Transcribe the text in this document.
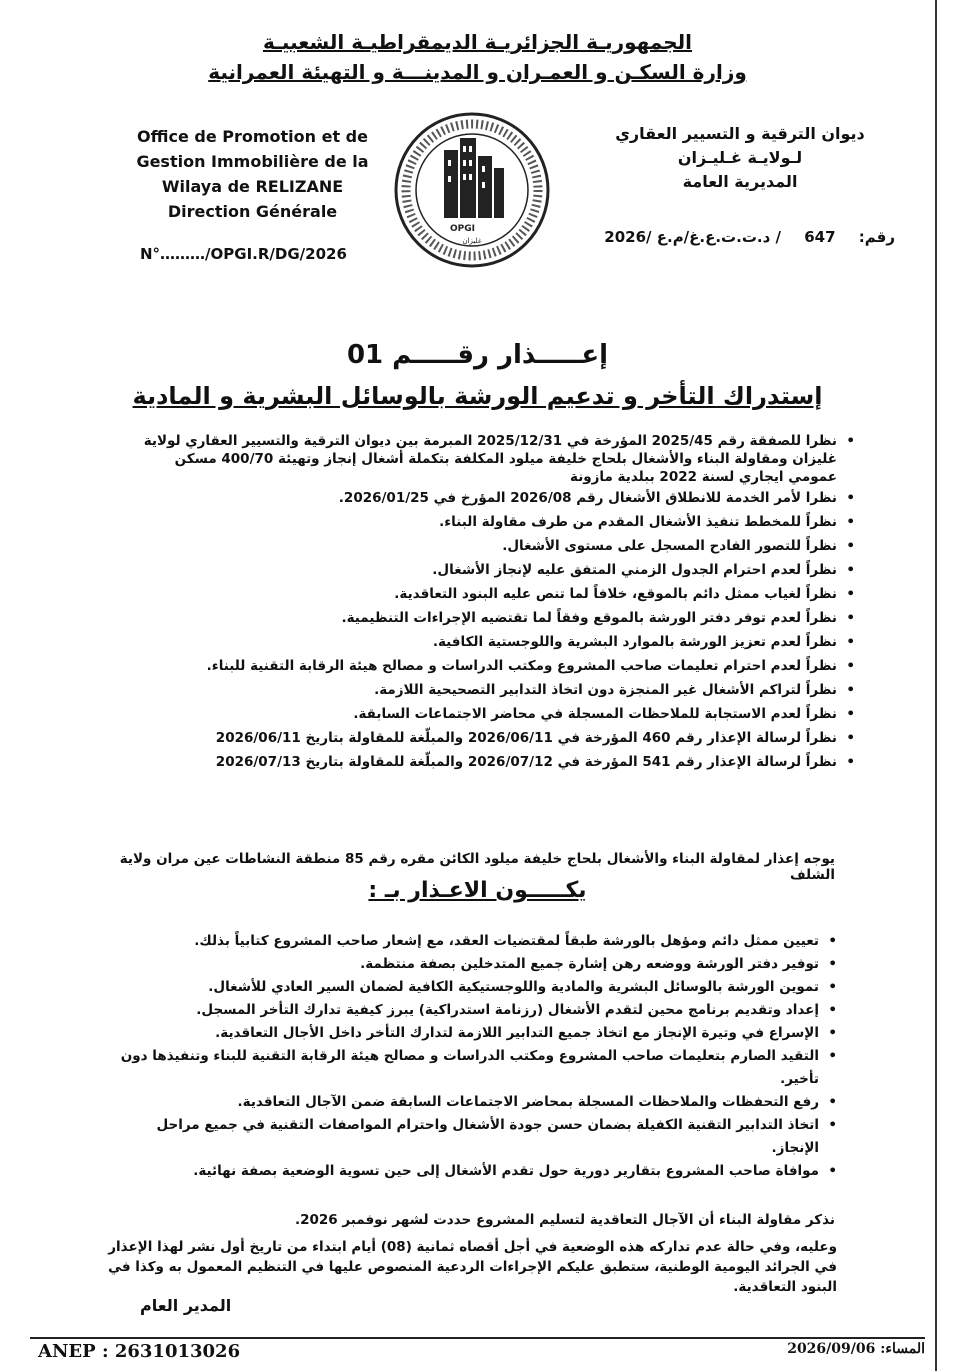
الجمهوريـة الجزائريـة الديمقراطيـة الشعبيـة
وزارة السكـن و العمـران و المدينـــة و التهيئة العمرانية
Office de Promotion et de
Gestion Immobilière de la
Wilaya de RELIZANE
Direction Générale
N°………/OPGI.R/DG/2026
OPGI
غليزان
ديوان الترقية و التسيير العقاري
لـولايـة غـليـزان
المديرية العامة
رقم: 647 / د.ت.ت.ع.غ/م.ع /2026
إعـــــذار رقـــــم 01
إستدراك التأخر و تدعيم الورشة بالوسائل البشرية و المادية
• نظرا للصفقة رقم 2025/45 المؤرخة في 2025/12/31 المبرمة بين ديوان الترقية والتسيير العقاري لولاية غليزان ومقاولة البناء والأشغال بلحاج خليفة ميلود المكلفة بتكملة أشغال إنجاز وتهيئة 400/70 مسكن عمومي ايجاري لسنة 2022 ببلدية مازونة
• نظرا لأمر الخدمة للانطلاق الأشغال رقم 2026/08 المؤرخ في 2026/01/25.
• نظراً للمخطط تنفيذ الأشغال المقدم من طرف مقاولة البناء.
• نظراً للتصور الفادح المسجل على مستوى الأشغال.
• نظراً لعدم احترام الجدول الزمني المتفق عليه لإنجاز الأشغال.
• نظراً لغياب ممثل دائم بالموقع، خلافاً لما تنص عليه البنود التعاقدية.
• نظراً لعدم توفر دفتر الورشة بالموقع وفقاً لما تقتضيه الإجراءات التنظيمية.
• نظراً لعدم تعزيز الورشة بالموارد البشرية واللوجستية الكافية.
• نظراً لعدم احترام تعليمات صاحب المشروع ومكتب الدراسات و مصالح هيئة الرقابة التقنية للبناء.
• نظراً لتراكم الأشغال غير المنجزة دون اتخاذ التدابير التصحيحية اللازمة.
• نظراً لعدم الاستجابة للملاحظات المسجلة في محاضر الاجتماعات السابقة.
• نظراً لرسالة الإعذار رقم 460 المؤرخة في 2026/06/11 والمبلّغة للمقاولة بتاريخ 2026/06/11
• نظراً لرسالة الإعذار رقم 541 المؤرخة في 2026/07/12 والمبلّغة للمقاولة بتاريخ 2026/07/13
يوجه إعذار لمقاولة البناء والأشغال بلحاج خليفة ميلود الكائن مقره رقم 85 منطقة النشاطات عين مران ولاية الشلف
يكـــــون الاعـذار بـ :
• تعيين ممثل دائم ومؤهل بالورشة طبقاً لمقتضيات العقد، مع إشعار صاحب المشروع كتابياً بذلك.
• توفير دفتر الورشة ووضعه رهن إشارة جميع المتدخلين بصفة منتظمة.
• تموين الورشة بالوسائل البشرية والمادية واللوجستيكية الكافية لضمان السير العادي للأشغال.
• إعداد وتقديم برنامج محين لتقدم الأشغال (رزنامة استدراكية) يبرز كيفية تدارك التأخر المسجل.
• الإسراع في وتيرة الإنجاز مع اتخاذ جميع التدابير اللازمة لتدارك التأخر داخل الأجال التعاقدية.
• التقيد الصارم بتعليمات صاحب المشروع ومكتب الدراسات و مصالح هيئة الرقابة التقنية للبناء وتنفيذها دون تأخير.
• رفع التحفظات والملاحظات المسجلة بمحاضر الاجتماعات السابقة ضمن الآجال التعاقدية.
• اتخاذ التدابير التقنية الكفيلة بضمان حسن جودة الأشغال واحترام المواصفات التقنية في جميع مراحل الإنجاز.
• موافاة صاحب المشروع بتقارير دورية حول تقدم الأشغال إلى حين تسوية الوضعية بصفة نهائية.
نذكر مقاولة البناء أن الآجال التعاقدية لتسليم المشروع حددت لشهر نوفمبر 2026.
وعليه، وفي حالة عدم تداركه هذه الوضعية في أجل أقصاه ثمانية (08) أيام ابتداء من تاريخ أول نشر لهذا الإعذار في الجرائد اليومية الوطنية، ستطبق عليكم الإجراءات الردعية المنصوص عليها في التنظيم المعمول به وكذا في البنود التعاقدية.
المدير العام
ANEP : 2631013026	المساء: 2026/09/06
